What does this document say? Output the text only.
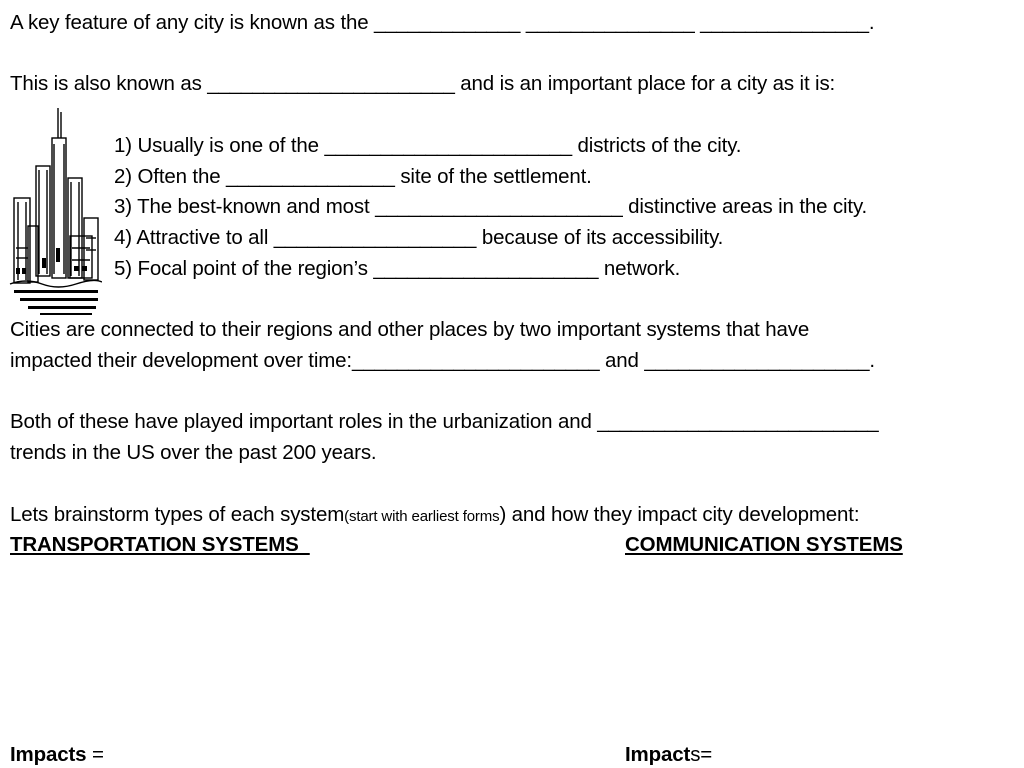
A key feature of any city is known as the _____________ _______________ _______________.
This is also known as ______________________ and is an important place for a city as it is:
1) Usually is one of the ______________________ districts of the city.
2) Often the _______________ site of the settlement.
3) The best-known and most ______________________ distinctive areas in the city.
4) Attractive to all __________________ because of its accessibility.
5) Focal point of the region’s ____________________ network.
Cities are connected to their regions and other places by two important systems that have
impacted their development over time:______________________ and ____________________.
Both of these have played important roles in the urbanization and _________________________
trends in the US over the past 200 years.
Lets brainstorm types of each system(start with earliest forms) and how they impact city development:
TRANSPORTATION SYSTEMS	COMMUNICATION SYSTEMS
Impacts =	Impacts=
